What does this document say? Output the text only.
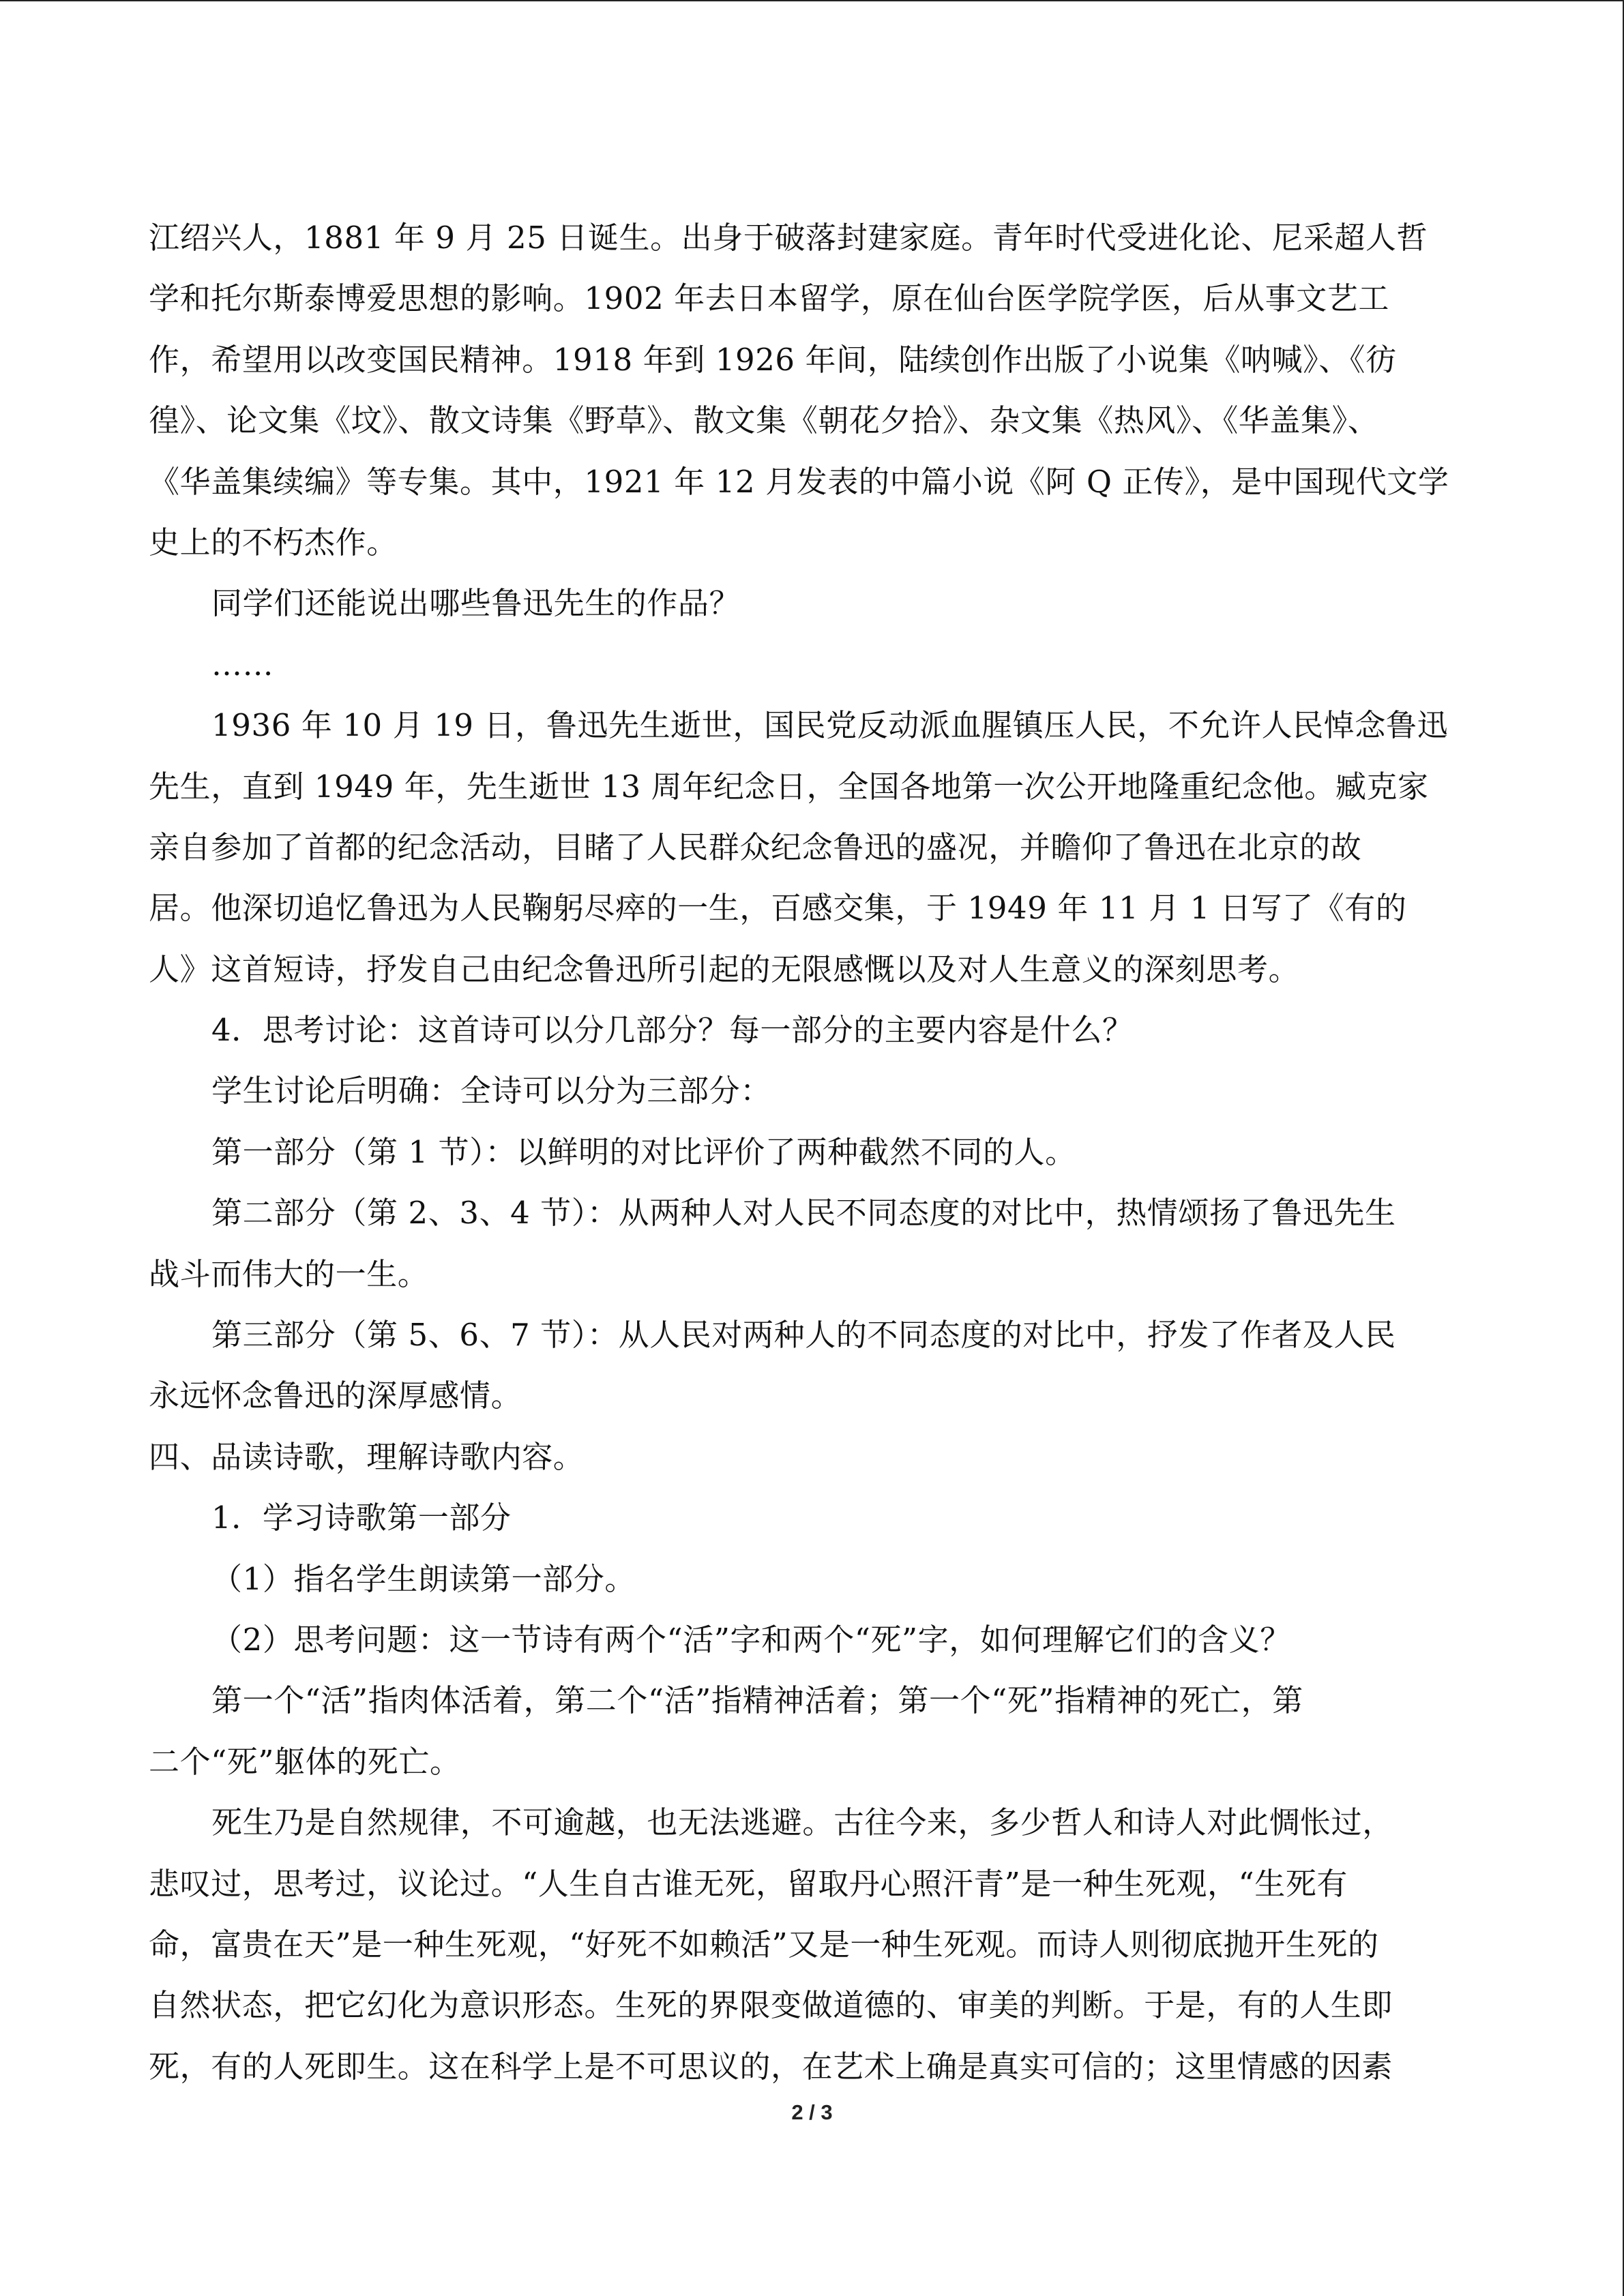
江绍兴人，1881 年 9 月 25 日诞生。出身于破落封建家庭。青年时代受进化论、尼采超人哲
学和托尔斯泰博爱思想的影响。1902 年去日本留学，原在仙台医学院学医，后从事文艺工
作，希望用以改变国民精神。1918 年到 1926 年间，陆续创作出版了小说集《呐喊》、《彷
徨》、论文集《坟》、散文诗集《野草》、散文集《朝花夕拾》、杂文集《热风》、《华盖集》、
《华盖集续编》等专集。其中，1921 年 12 月发表的中篇小说《阿 Q 正传》，是中国现代文学
史上的不朽杰作。
同学们还能说出哪些鲁迅先生的作品？
……
1936 年 10 月 19 日，鲁迅先生逝世，国民党反动派血腥镇压人民，不允许人民悼念鲁迅
先生，直到 1949 年，先生逝世 13 周年纪念日，全国各地第一次公开地隆重纪念他。臧克家
亲自参加了首都的纪念活动，目睹了人民群众纪念鲁迅的盛况，并瞻仰了鲁迅在北京的故
居。他深切追忆鲁迅为人民鞠躬尽瘁的一生，百感交集，于 1949 年 11 月 1 日写了《有的
人》这首短诗，抒发自己由纪念鲁迅所引起的无限感慨以及对人生意义的深刻思考。
4．思考讨论：这首诗可以分几部分？每一部分的主要内容是什么？
学生讨论后明确：全诗可以分为三部分：
第一部分（第 1 节）：以鲜明的对比评价了两种截然不同的人。
第二部分（第 2、3、4 节）：从两种人对人民不同态度的对比中，热情颂扬了鲁迅先生
战斗而伟大的一生。
第三部分（第 5、6、7 节）：从人民对两种人的不同态度的对比中，抒发了作者及人民
永远怀念鲁迅的深厚感情。
四、品读诗歌，理解诗歌内容。
1．学习诗歌第一部分
（1）指名学生朗读第一部分。
（2）思考问题：这一节诗有两个“活”字和两个“死”字，如何理解它们的含义？
第一个“活”指肉体活着，第二个“活”指精神活着；第一个“死”指精神的死亡，第
二个“死”躯体的死亡。
死生乃是自然规律，不可逾越，也无法逃避。古往今来，多少哲人和诗人对此惆怅过，
悲叹过，思考过，议论过。“人生自古谁无死，留取丹心照汗青”是一种生死观，“生死有
命，富贵在天”是一种生死观，“好死不如赖活”又是一种生死观。而诗人则彻底抛开生死的
自然状态，把它幻化为意识形态。生死的界限变做道德的、审美的判断。于是，有的人生即
死，有的人死即生。这在科学上是不可思议的，在艺术上确是真实可信的；这里情感的因素
2 / 3
